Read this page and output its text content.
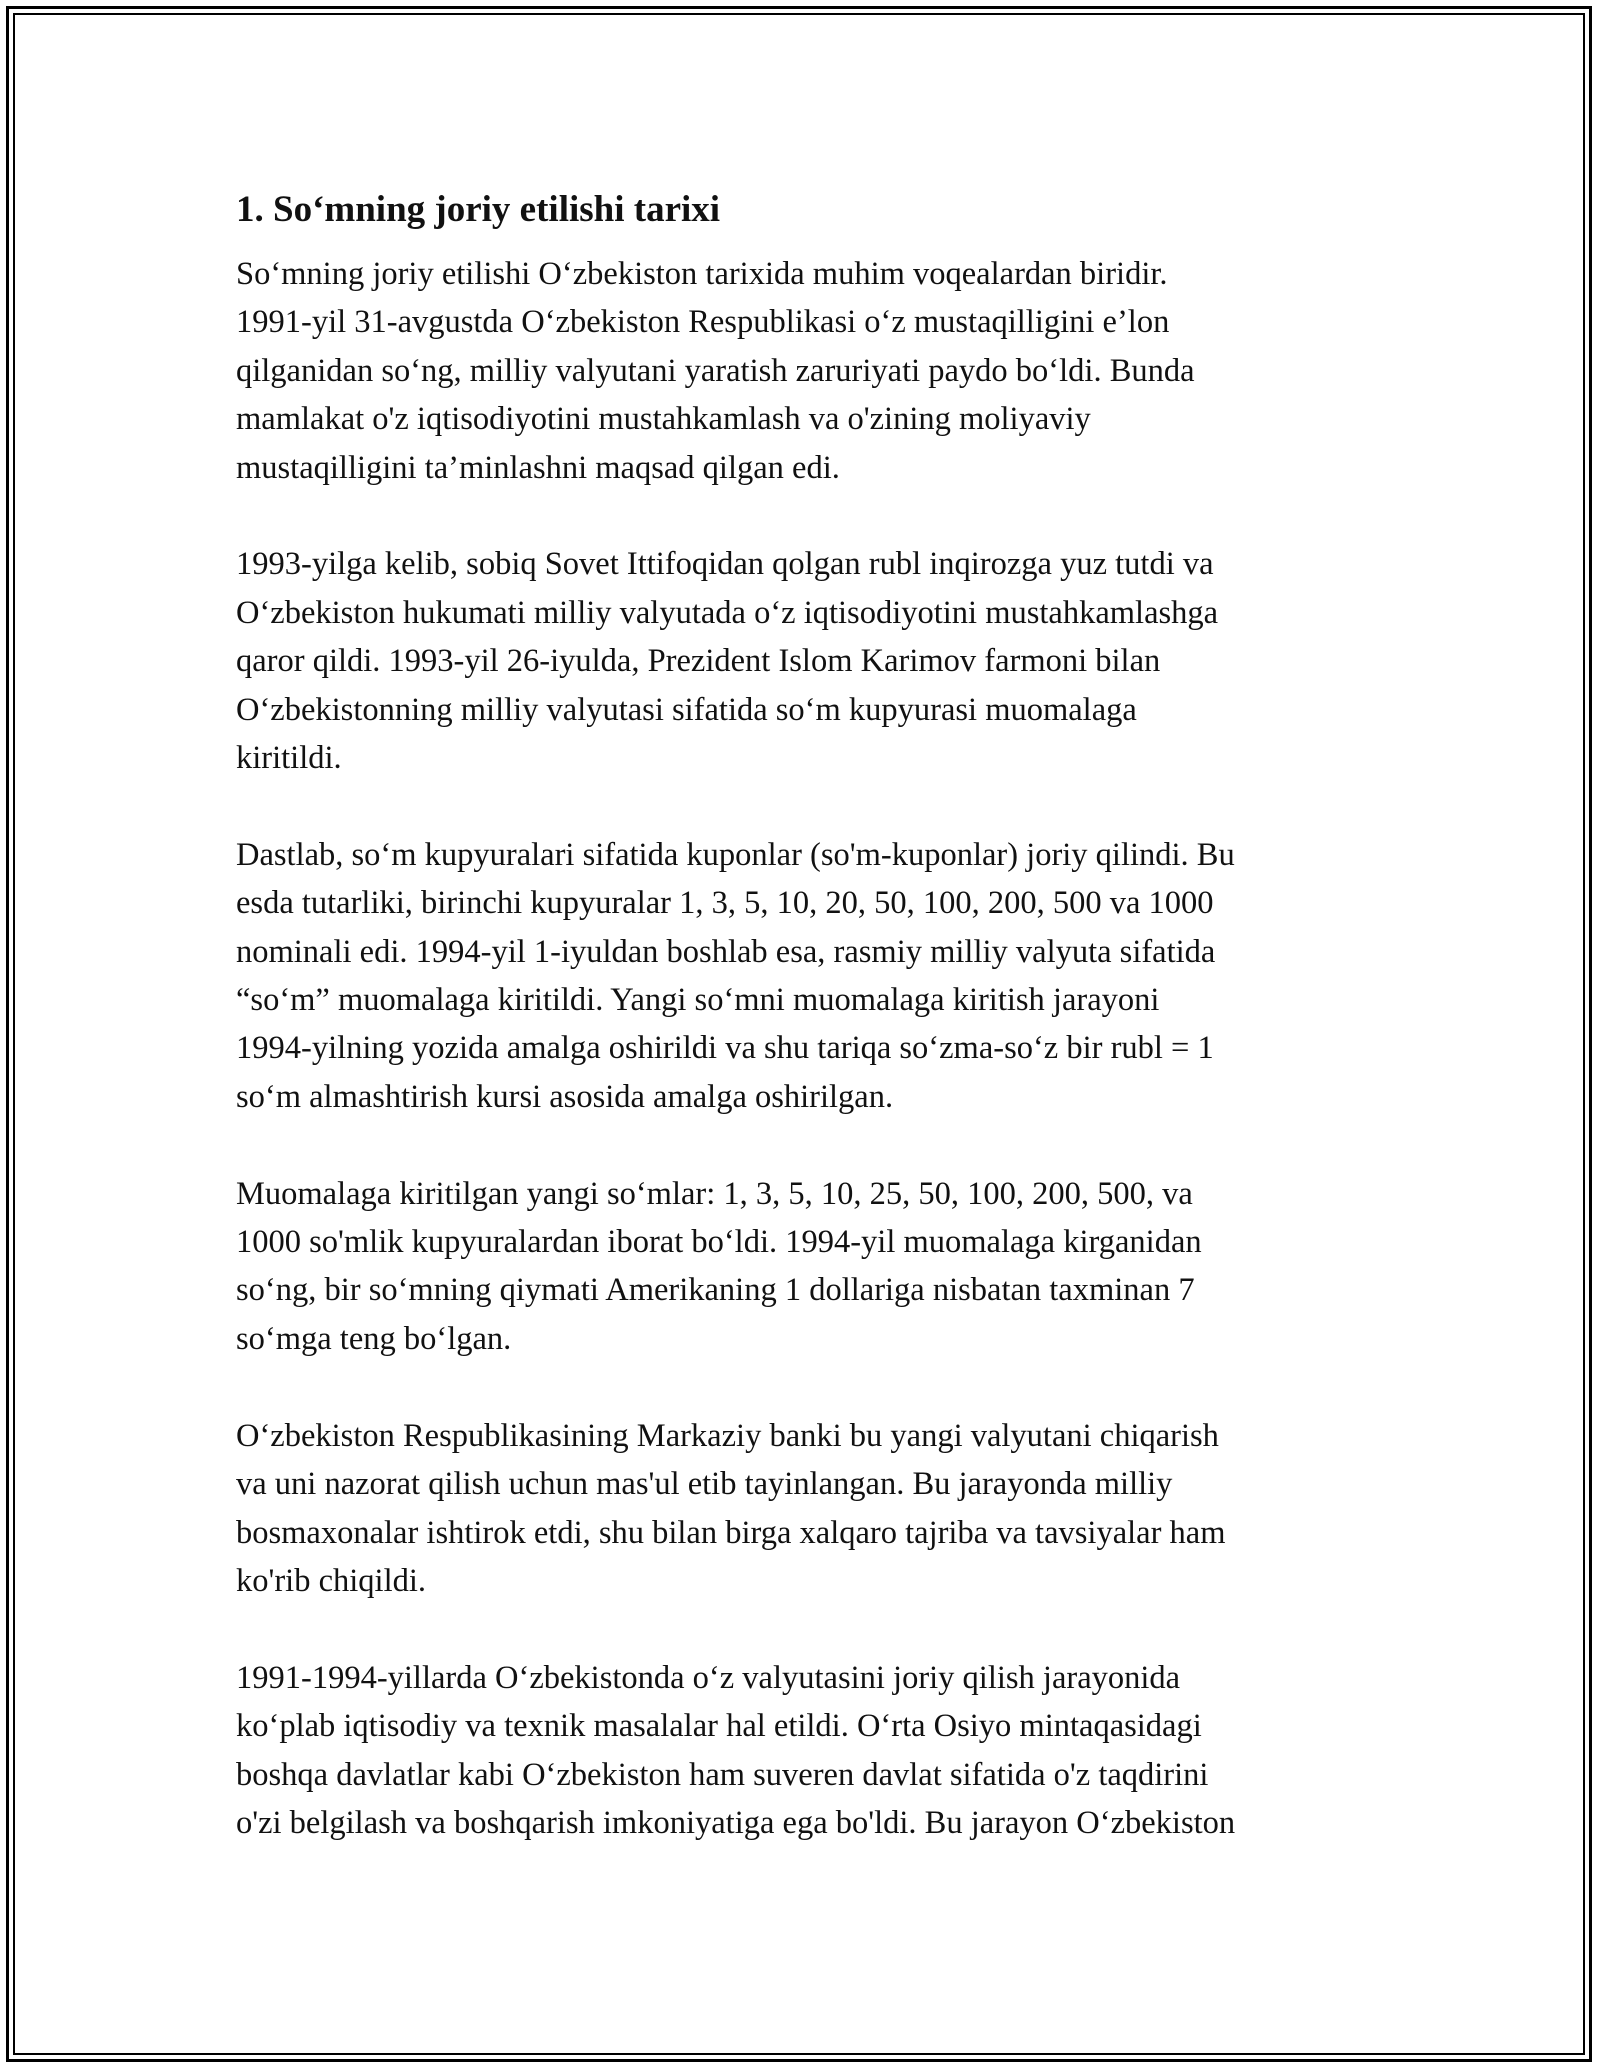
1. So‘mning joriy etilishi tarixi

So‘mning joriy etilishi O‘zbekiston tarixida muhim voqealardan biridir.
1991-yil 31-avgustda O‘zbekiston Respublikasi o‘z mustaqilligini e’lon
qilganidan so‘ng, milliy valyutani yaratish zaruriyati paydo bo‘ldi. Bunda
mamlakat o'z iqtisodiyotini mustahkamlash va o'zining moliyaviy
mustaqilligini ta’minlashni maqsad qilgan edi.

1993-yilga kelib, sobiq Sovet Ittifoqidan qolgan rubl inqirozga yuz tutdi va
O‘zbekiston hukumati milliy valyutada o‘z iqtisodiyotini mustahkamlashga
qaror qildi. 1993-yil 26-iyulda, Prezident Islom Karimov farmoni bilan
O‘zbekistonning milliy valyutasi sifatida so‘m kupyurasi muomalaga
kiritildi.

Dastlab, so‘m kupyuralari sifatida kuponlar (so'm-kuponlar) joriy qilindi. Bu
esda tutarliki, birinchi kupyuralar 1, 3, 5, 10, 20, 50, 100, 200, 500 va 1000
nominali edi. 1994-yil 1-iyuldan boshlab esa, rasmiy milliy valyuta sifatida
“so‘m” muomalaga kiritildi. Yangi so‘mni muomalaga kiritish jarayoni
1994-yilning yozida amalga oshirildi va shu tariqa so‘zma-so‘z bir rubl = 1
so‘m almashtirish kursi asosida amalga oshirilgan.

Muomalaga kiritilgan yangi so‘mlar: 1, 3, 5, 10, 25, 50, 100, 200, 500, va
1000 so'mlik kupyuralardan iborat bo‘ldi. 1994-yil muomalaga kirganidan
so‘ng, bir so‘mning qiymati Amerikaning 1 dollariga nisbatan taxminan 7
so‘mga teng bo‘lgan.

O‘zbekiston Respublikasining Markaziy banki bu yangi valyutani chiqarish
va uni nazorat qilish uchun mas'ul etib tayinlangan. Bu jarayonda milliy
bosmaxonalar ishtirok etdi, shu bilan birga xalqaro tajriba va tavsiyalar ham
ko'rib chiqildi.

1991-1994-yillarda O‘zbekistonda o‘z valyutasini joriy qilish jarayonida
ko‘plab iqtisodiy va texnik masalalar hal etildi. O‘rta Osiyo mintaqasidagi
boshqa davlatlar kabi O‘zbekiston ham suveren davlat sifatida o'z taqdirini
o'zi belgilash va boshqarish imkoniyatiga ega bo'ldi. Bu jarayon O‘zbekiston
